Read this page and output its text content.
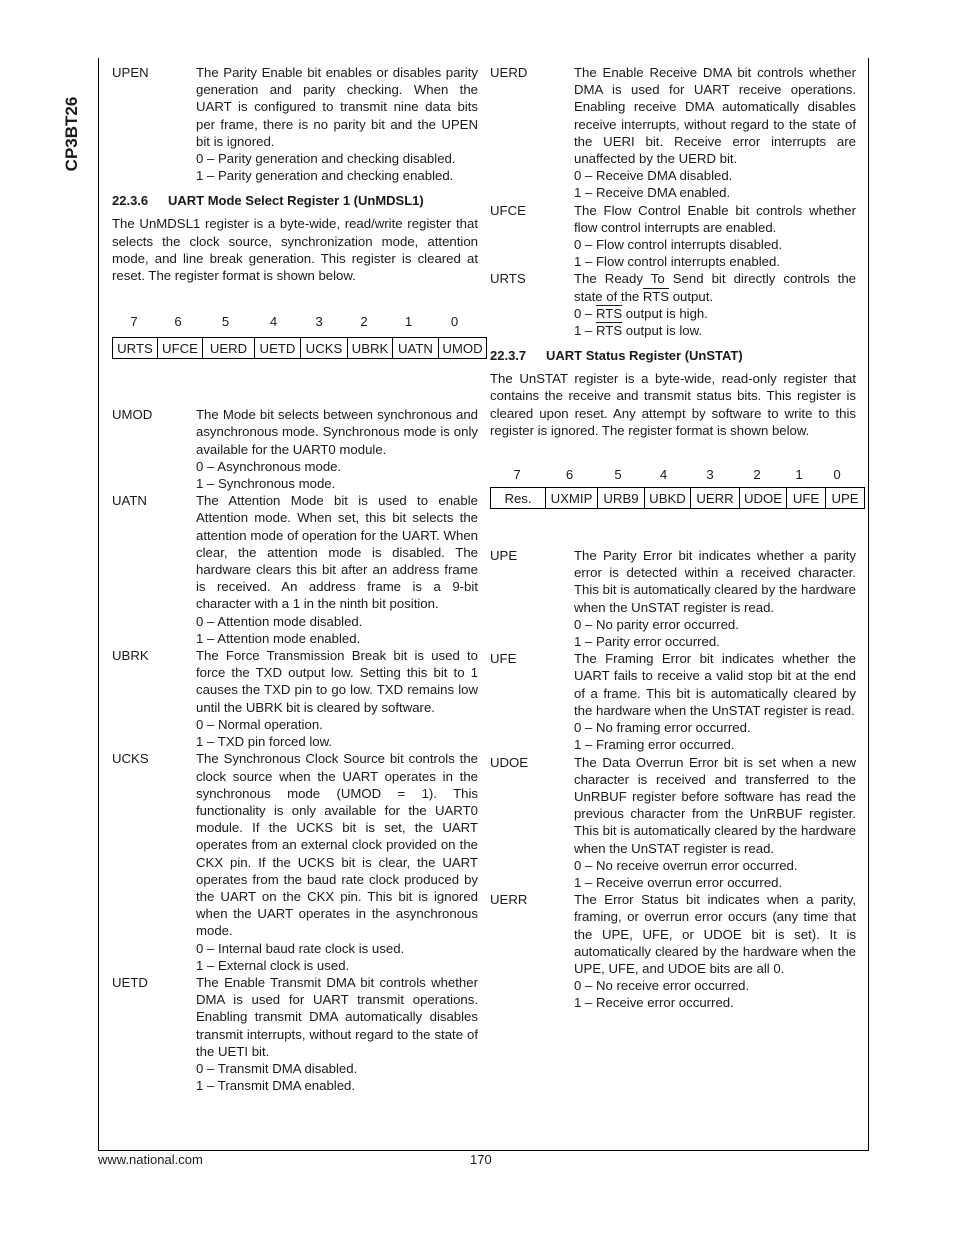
CP3BT26
UPEN	The Parity Enable bit enables or disables parity generation and parity checking. When the UART is configured to transmit nine data bits per frame, there is no parity bit and the UPEN bit is ignored.
0 – Parity generation and checking disabled.
1 – Parity generation and checking enabled.
22.3.6 UART Mode Select Register 1 (UnMDSL1)
The UnMDSL1 register is a byte-wide, read/write register that selects the clock source, synchronization mode, attention mode, and line break generation. This register is cleared at reset. The register format is shown below.
7	6	5	4	3	2	1	0
URTS	UFCE	UERD	UETD	UCKS	UBRK	UATN	UMOD
UMOD	The Mode bit selects between synchronous and asynchronous mode. Synchronous mode is only available for the UART0 module.
0 – Asynchronous mode.
1 – Synchronous mode.
UATN	The Attention Mode bit is used to enable Attention mode. When set, this bit selects the attention mode of operation for the UART. When clear, the attention mode is disabled. The hardware clears this bit after an address frame is received. An address frame is a 9-bit character with a 1 in the ninth bit position.
0 – Attention mode disabled.
1 – Attention mode enabled.
UBRK	The Force Transmission Break bit is used to force the TXD output low. Setting this bit to 1 causes the TXD pin to go low. TXD remains low until the UBRK bit is cleared by software.
0 – Normal operation.
1 – TXD pin forced low.
UCKS	The Synchronous Clock Source bit controls the clock source when the UART operates in the synchronous mode (UMOD = 1). This functionality is only available for the UART0 module. If the UCKS bit is set, the UART operates from an external clock provided on the CKX pin. If the UCKS bit is clear, the UART operates from the baud rate clock produced by the UART on the CKX pin. This bit is ignored when the UART operates in the asynchronous mode.
0 – Internal baud rate clock is used.
1 – External clock is used.
UETD	The Enable Transmit DMA bit controls whether DMA is used for UART transmit operations. Enabling transmit DMA automatically disables transmit interrupts, without regard to the state of the UETI bit.
0 – Transmit DMA disabled.
1 – Transmit DMA enabled.
UERD	The Enable Receive DMA bit controls whether DMA is used for UART receive operations. Enabling receive DMA automatically disables receive interrupts, without regard to the state of the UERI bit. Receive error interrupts are unaffected by the UERD bit.
0 – Receive DMA disabled.
1 – Receive DMA enabled.
UFCE	The Flow Control Enable bit controls whether flow control interrupts are enabled.
0 – Flow control interrupts disabled.
1 – Flow control interrupts enabled.
URTS	The Ready To Send bit directly controls the state of the $\overline{RTS}$ output.
$0 - \overline{RTS}$ output is high.
$1 - \overline{RTS}$ output is low.
22.3.7 UART Status Register (UnSTAT)
The UnSTAT register is a byte-wide, read-only register that contains the receive and transmit status bits. This register is cleared upon reset. Any attempt by software to write to this register is ignored. The register format is shown below.
7	6	5	4	3	2	1	0
Res.	UXMIP	URB9	UBKD	UERR	UDOE	UFE	UPE
UPE	The Parity Error bit indicates whether a parity error is detected within a received character. This bit is automatically cleared by the hardware when the UnSTAT register is read.
0 – No parity error occurred.
1 – Parity error occurred.
UFE	The Framing Error bit indicates whether the UART fails to receive a valid stop bit at the end of a frame. This bit is automatically cleared by the hardware when the UnSTAT register is read.
0 – No framing error occurred.
1 – Framing error occurred.
UDOE	The Data Overrun Error bit is set when a new character is received and transferred to the UnRBUF register before software has read the previous character from the UnRBUF register. This bit is automatically cleared by the hardware when the UnSTAT register is read.
0 – No receive overrun error occurred.
1 – Receive overrun error occurred.
UERR	The Error Status bit indicates when a parity, framing, or overrun error occurs (any time that the UPE, UFE, or UDOE bit is set). It is automatically cleared by the hardware when the UPE, UFE, and UDOE bits are all 0.
0 – No receive error occurred.
1 – Receive error occurred.
www.national.com	170
